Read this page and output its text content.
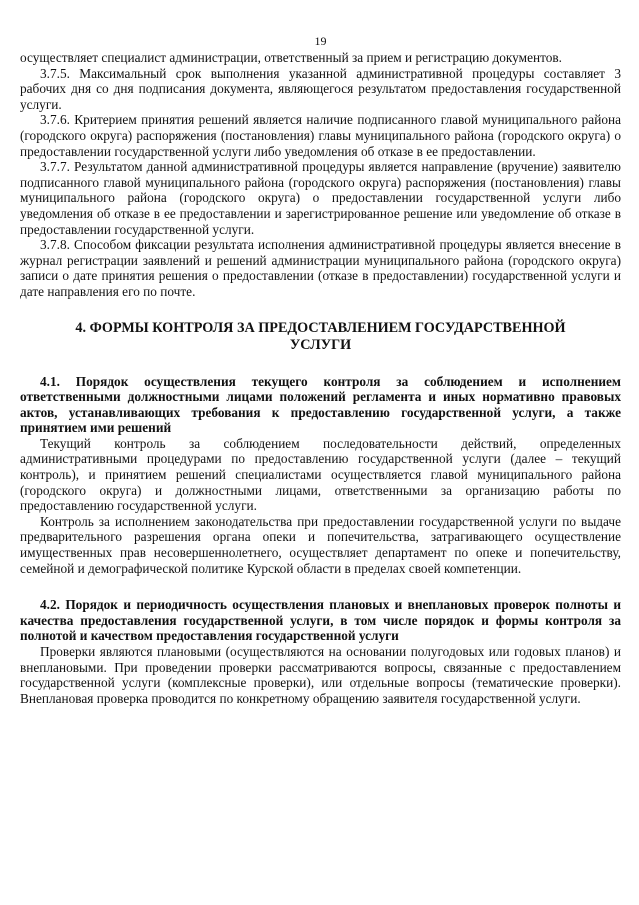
19

осуществляет специалист администрации, ответственный за прием и регистрацию документов.

3.7.5. Максимальный срок выполнения указанной административной процедуры составляет 3 рабочих дня со дня подписания документа, являющегося результатом предоставления государственной услуги.

3.7.6. Критерием принятия решений является наличие подписанного главой муниципального района (городского округа) распоряжения (постановления) главы муниципального района (городского округа) о предоставлении государственной услуги либо уведомления об отказе в ее предоставлении.

3.7.7. Результатом данной административной процедуры является направление (вручение) заявителю подписанного главой муниципального района (городского округа) распоряжения (постановления) главы муниципального района (городского округа) о предоставлении государственной услуги либо уведомления об отказе в ее предоставлении и зарегистрированное решение или уведомление об отказе в предоставлении государственной услуги.

3.7.8. Способом фиксации результата исполнения административной процедуры является внесение в журнал регистрации заявлений и решений администрации муниципального района (городского округа) записи о дате принятия решения о предоставлении (отказе в предоставлении) государственной услуги и дате направления его по почте.

4. ФОРМЫ КОНТРОЛЯ ЗА ПРЕДОСТАВЛЕНИЕМ ГОСУДАРСТВЕННОЙ УСЛУГИ

4.1. Порядок осуществления текущего контроля за соблюдением и исполнением ответственными должностными лицами положений регламента и иных нормативно правовых актов, устанавливающих требования к предоставлению государственной услуги, а также принятием ими решений

Текущий контроль за соблюдением последовательности действий, определенных административными процедурами по предоставлению государственной услуги (далее – текущий контроль), и принятием решений специалистами осуществляется главой муниципального района (городского округа) и должностными лицами, ответственными за организацию работы по предоставлению государственной услуги.

Контроль за исполнением законодательства при предоставлении государственной услуги по выдаче предварительного разрешения органа опеки и попечительства, затрагивающего осуществление имущественных прав несовершеннолетнего, осуществляет департамент по опеке и попечительству, семейной и демографической политике Курской области в пределах своей компетенции.

4.2. Порядок и периодичность осуществления плановых и внеплановых проверок полноты и качества предоставления государственной услуги, в том числе порядок и формы контроля за полнотой и качеством предоставления государственной услуги

Проверки являются плановыми (осуществляются на основании полугодовых или годовых планов) и внеплановыми. При проведении проверки рассматриваются вопросы, связанные с предоставлением государственной услуги (комплексные проверки), или отдельные вопросы (тематические проверки). Внеплановая проверка проводится по конкретному обращению заявителя государственной услуги.
